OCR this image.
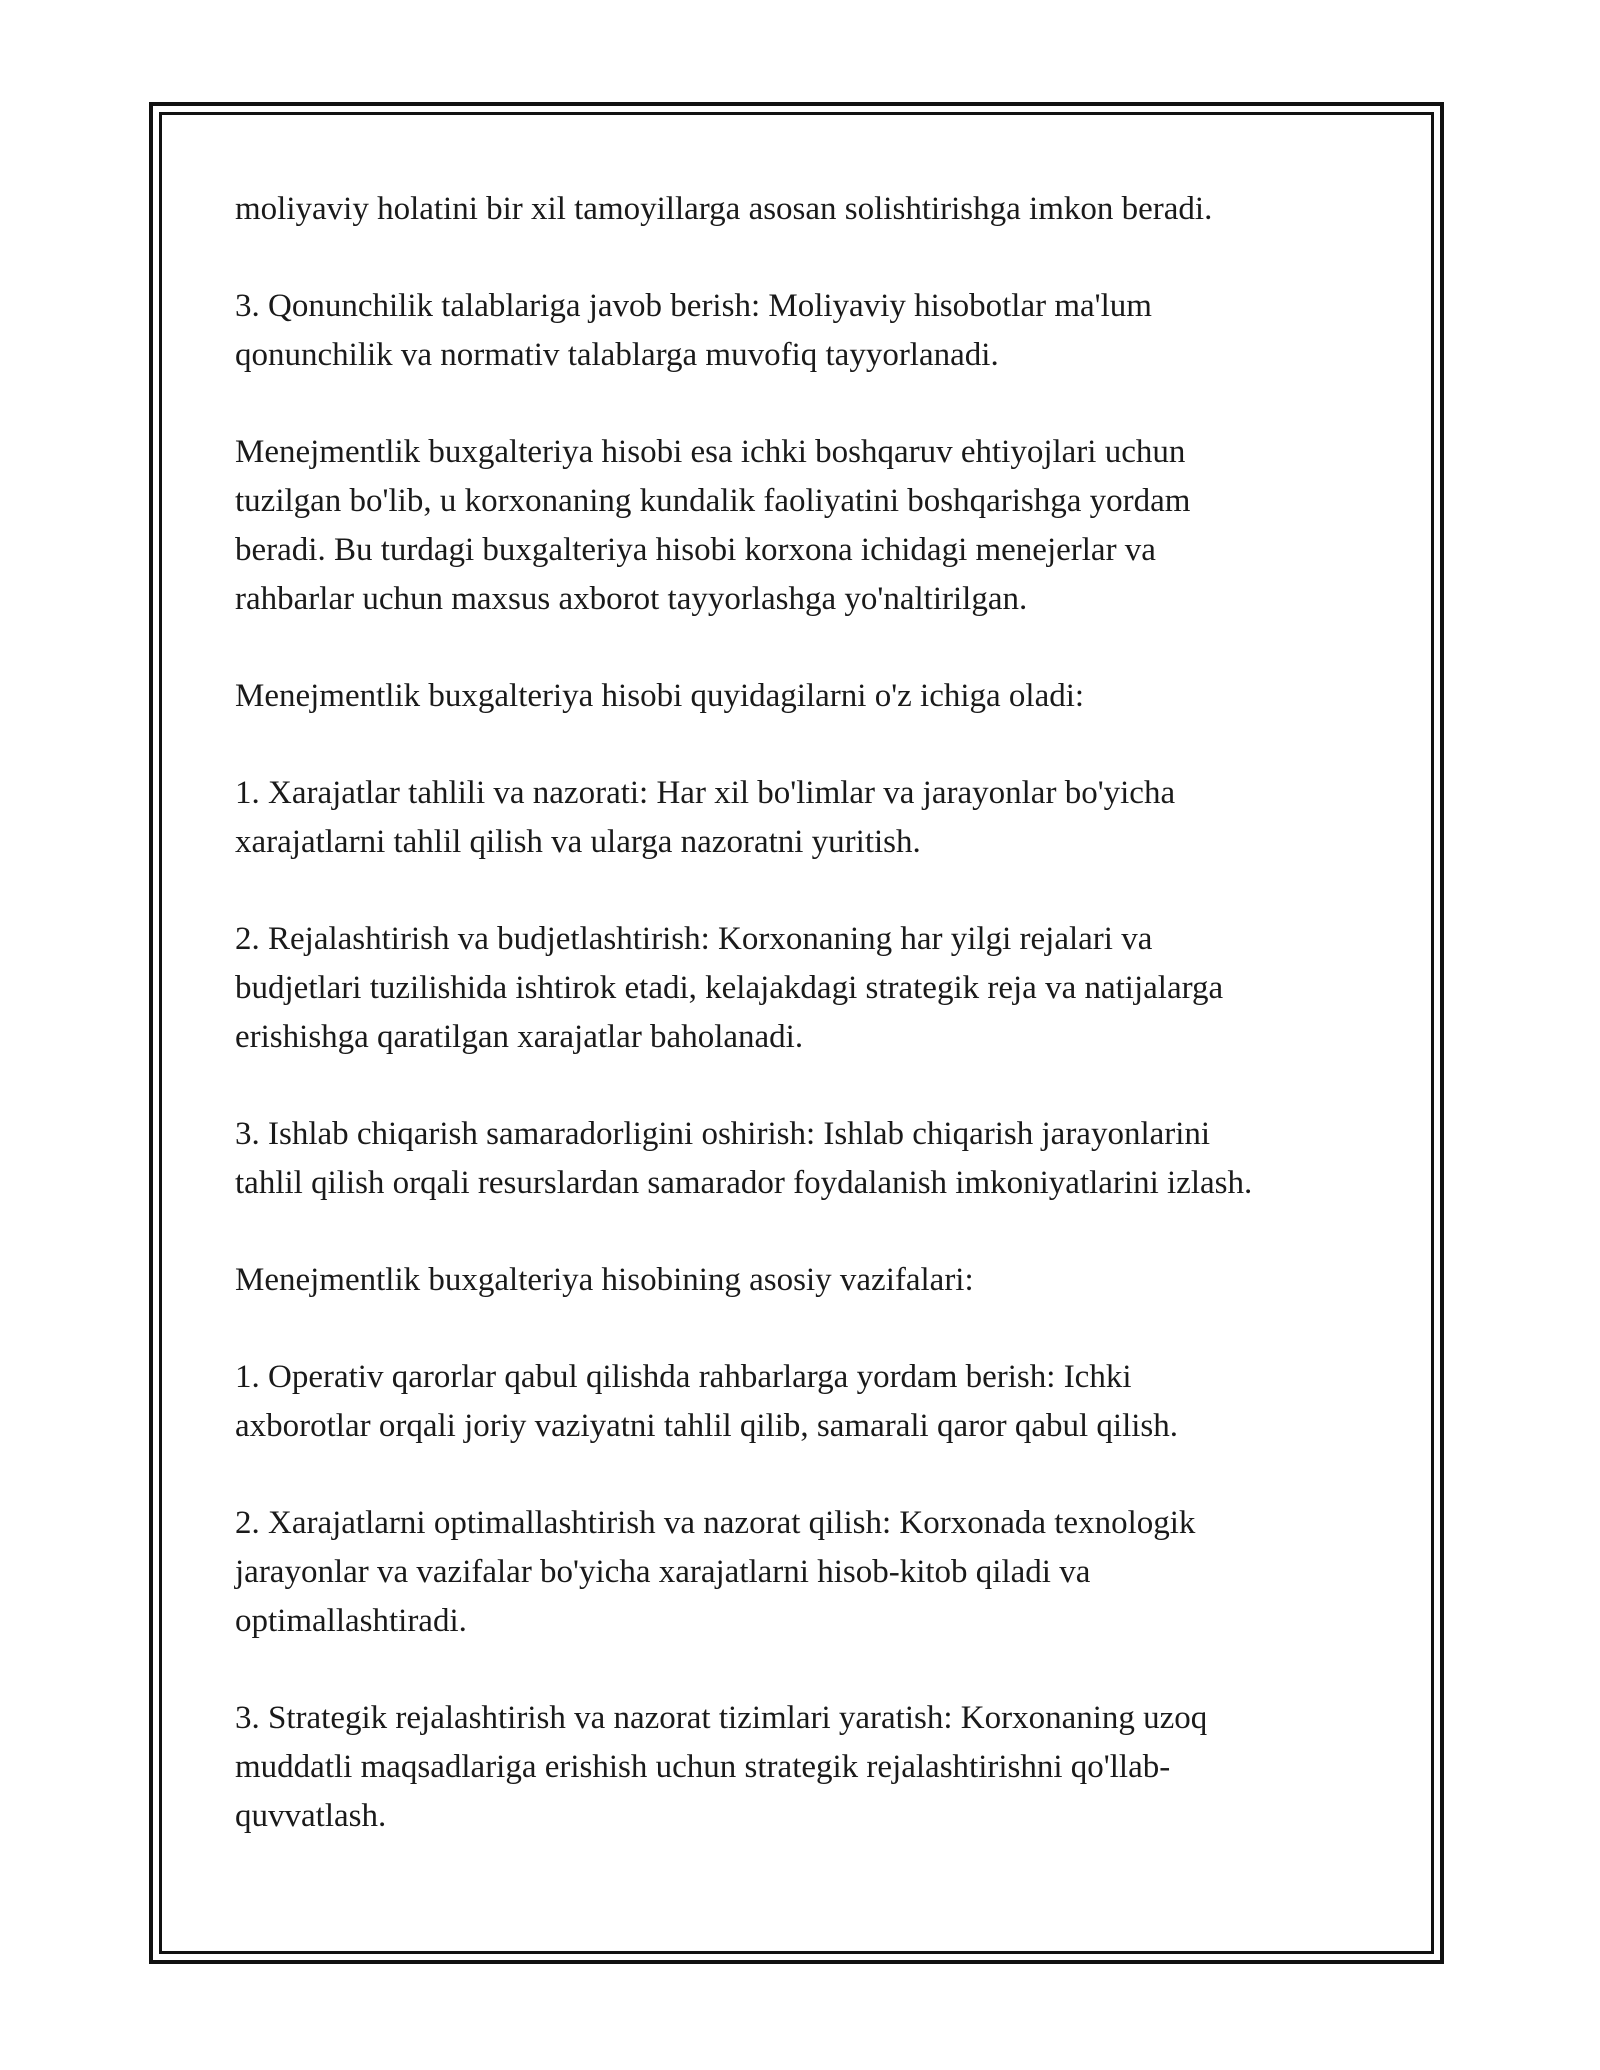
moliyaviy holatini bir xil tamoyillarga asosan solishtirishga imkon beradi.

3. Qonunchilik talablariga javob berish: Moliyaviy hisobotlar ma'lum
qonunchilik va normativ talablarga muvofiq tayyorlanadi.

Menejmentlik buxgalteriya hisobi esa ichki boshqaruv ehtiyojlari uchun
tuzilgan bo'lib, u korxonaning kundalik faoliyatini boshqarishga yordam
beradi. Bu turdagi buxgalteriya hisobi korxona ichidagi menejerlar va
rahbarlar uchun maxsus axborot tayyorlashga yo'naltirilgan.

Menejmentlik buxgalteriya hisobi quyidagilarni o'z ichiga oladi:

1. Xarajatlar tahlili va nazorati: Har xil bo'limlar va jarayonlar bo'yicha
xarajatlarni tahlil qilish va ularga nazoratni yuritish.

2. Rejalashtirish va budjetlashtirish: Korxonaning har yilgi rejalari va
budjetlari tuzilishida ishtirok etadi, kelajakdagi strategik reja va natijalarga
erishishga qaratilgan xarajatlar baholanadi.

3. Ishlab chiqarish samaradorligini oshirish: Ishlab chiqarish jarayonlarini
tahlil qilish orqali resurslardan samarador foydalanish imkoniyatlarini izlash.

Menejmentlik buxgalteriya hisobining asosiy vazifalari:

1. Operativ qarorlar qabul qilishda rahbarlarga yordam berish: Ichki
axborotlar orqali joriy vaziyatni tahlil qilib, samarali qaror qabul qilish.

2. Xarajatlarni optimallashtirish va nazorat qilish: Korxonada texnologik
jarayonlar va vazifalar bo'yicha xarajatlarni hisob-kitob qiladi va
optimallashtiradi.

3. Strategik rejalashtirish va nazorat tizimlari yaratish: Korxonaning uzoq
muddatli maqsadlariga erishish uchun strategik rejalashtirishni qo'llab-
quvvatlash.
